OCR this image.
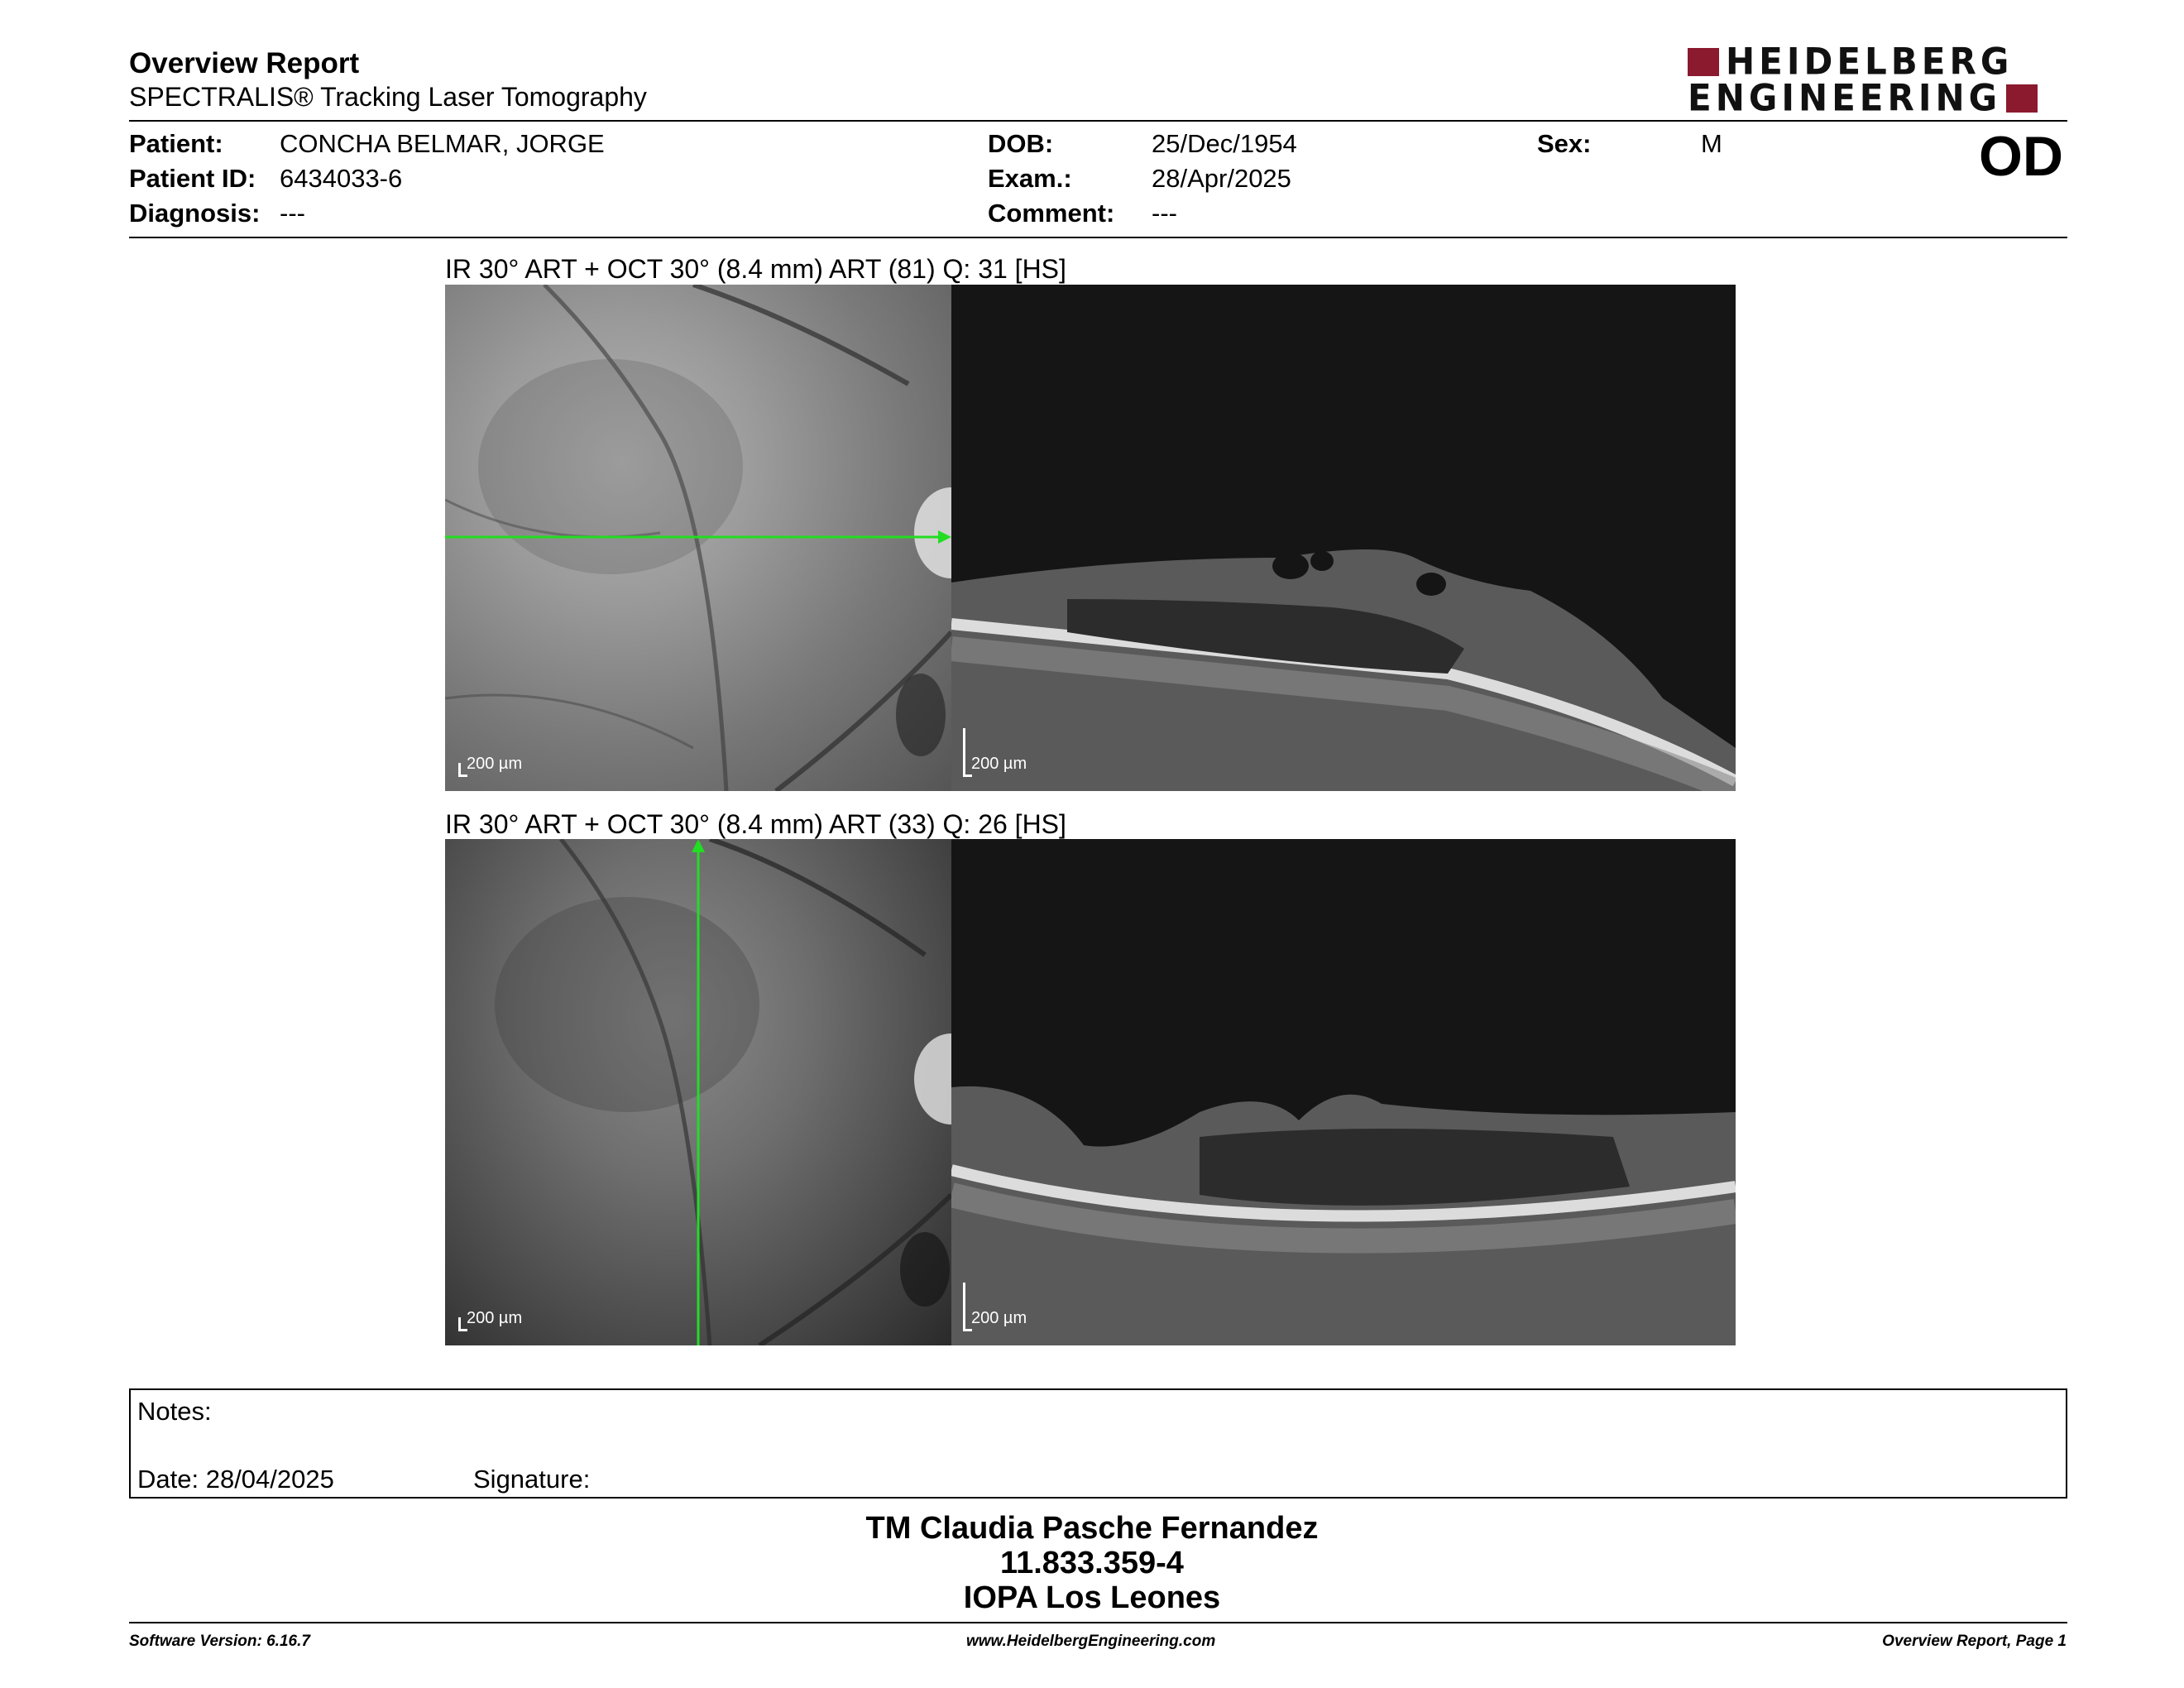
Overview Report
SPECTRALIS® Tracking Laser Tomography
HEIDELBERG
ENGINEERING
Patient: CONCHA BELMAR, JORGE
Patient ID: 6434033-6
Diagnosis: ---
DOB:	25/Dec/1954
Exam.:	28/Apr/2025
Comment: ---
Sex:	M	OD
IR 30° ART + OCT 30° (8.4 mm) ART (81) Q: 31 [HS]
200 µm	200 µm
IR 30° ART + OCT 30° (8.4 mm) ART (33) Q: 26 [HS]
200 µm	200 µm
Notes:
Date: 28/04/2025	Signature:
TM Claudia Pasche Fernandez
11.833.359-4
IOPA Los Leones
Software Version: 6.16.7	www.HeidelbergEngineering.com	Overview Report, Page 1
